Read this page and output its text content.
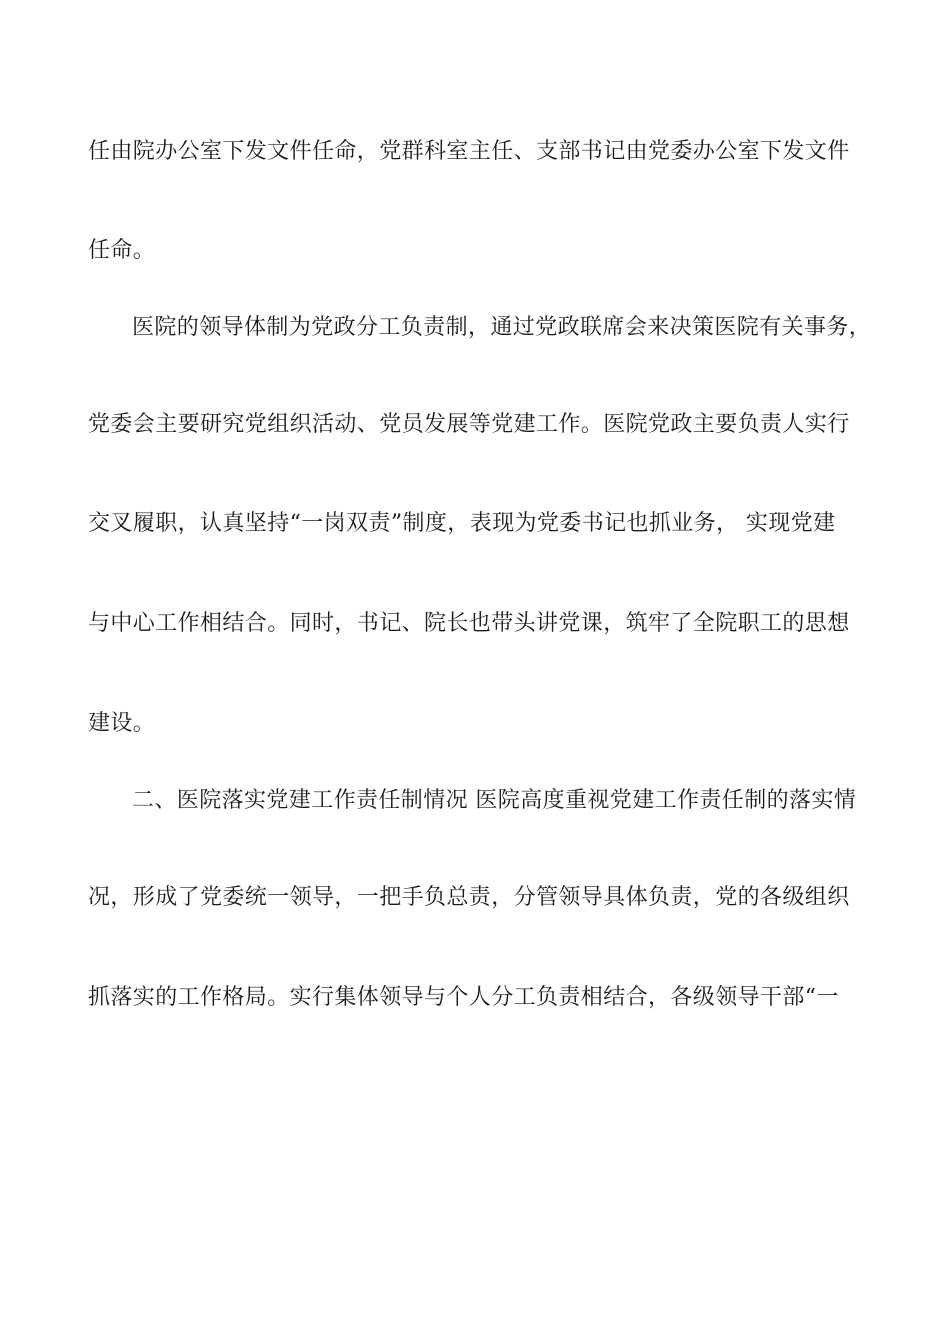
任由院办公室下发文件任命，党群科室主任、支部书记由党委办公室下发文件
任命。
医院的领导体制为党政分工负责制，通过党政联席会来决策医院有关事务，
党委会主要研究党组织活动、党员发展等党建工作。医院党政主要负责人实行
交叉履职，认真坚持“一岗双责”制度，表现为党委书记也抓业务， 实现党建
与中心工作相结合。同时，书记、院长也带头讲党课，筑牢了全院职工的思想
建设。
二、医院落实党建工作责任制情况 医院高度重视党建工作责任制的落实情
况，形成了党委统一领导，一把手负总责，分管领导具体负责，党的各级组织
抓落实的工作格局。实行集体领导与个人分工负责相结合，各级领导干部“一
